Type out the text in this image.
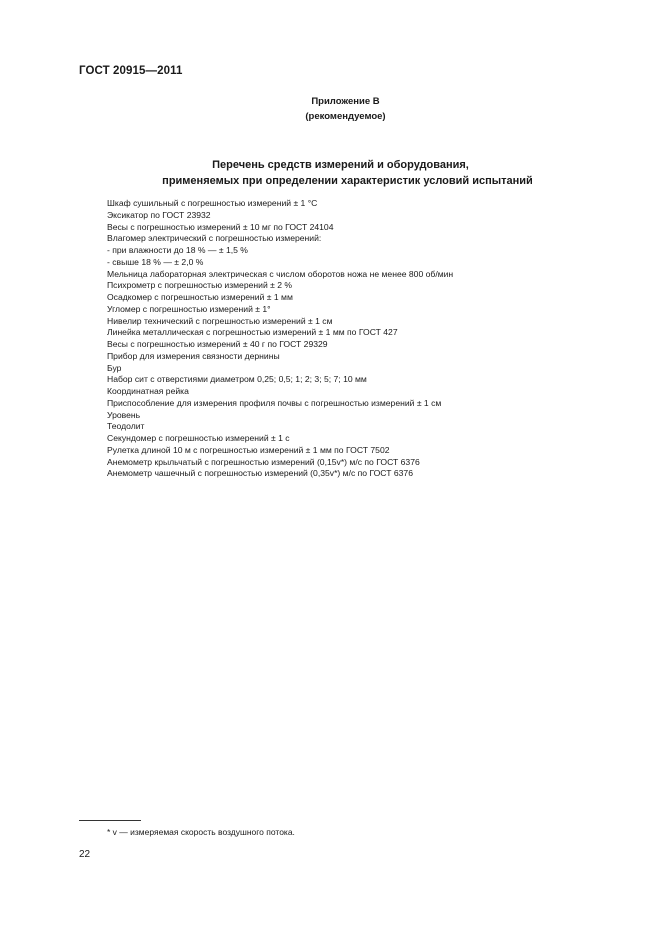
ГОСТ 20915—2011
Приложение В
(рекомендуемое)
Перечень средств измерений и оборудования,
применяемых при определении характеристик условий испытаний
Шкаф сушильный с погрешностью измерений ± 1 °С
Эксикатор по ГОСТ 23932
Весы с погрешностью измерений ± 10 мг по ГОСТ 24104
Влагомер электрический с погрешностью измерений:
- при влажности до 18 % — ± 1,5 %
- свыше 18 % — ± 2,0 %
Мельница лабораторная электрическая с числом оборотов ножа не менее 800 об/мин
Психрометр с погрешностью измерений ± 2 %
Осадкомер с погрешностью измерений ± 1 мм
Угломер с погрешностью измерений ± 1°
Нивелир технический с погрешностью измерений ± 1 см
Линейка металлическая с погрешностью измерений ± 1 мм по ГОСТ 427
Весы с погрешностью измерений ± 40 г по ГОСТ 29329
Прибор для измерения связности дернины
Бур
Набор сит с отверстиями диаметром 0,25; 0,5; 1; 2; 3; 5; 7; 10 мм
Координатная рейка
Приспособление для измерения профиля почвы с погрешностью измерений ± 1 см
Уровень
Теодолит
Секундомер с погрешностью измерений ± 1 с
Рулетка длиной 10 м с погрешностью измерений ± 1 мм по ГОСТ 7502
Анемометр крыльчатый с погрешностью измерений (0,15v*) м/с по ГОСТ 6376
Анемометр чашечный с погрешностью измерений (0,35v*) м/с по ГОСТ 6376
* v — измеряемая скорость воздушного потока.
22
